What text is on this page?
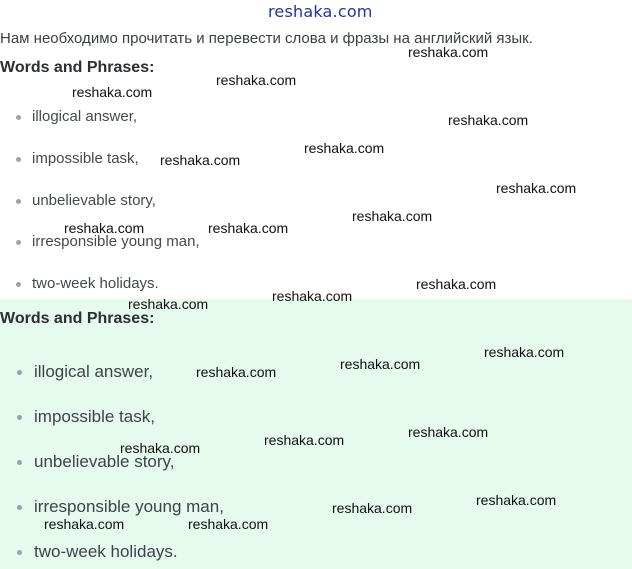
reshaka.com
Нам необходимо прочитать и перевести слова и фразы на английский язык.
Words and Phrases:
illogical answer,
impossible task,
unbelievable story,
irresponsible young man,
two-week holidays.
Words and Phrases:
illogical answer,
impossible task,
unbelievable story,
irresponsible young man,
two-week holidays.
reshaka.com
reshaka.com
reshaka.com
reshaka.com
reshaka.com
reshaka.com
reshaka.com
reshaka.com
reshaka.com	reshaka.com
reshaka.com
reshaka.com
reshaka.com
reshaka.com
reshaka.com
reshaka.com
reshaka.com
reshaka.com
reshaka.com
reshaka.com
reshaka.com
reshaka.com	reshaka.com
